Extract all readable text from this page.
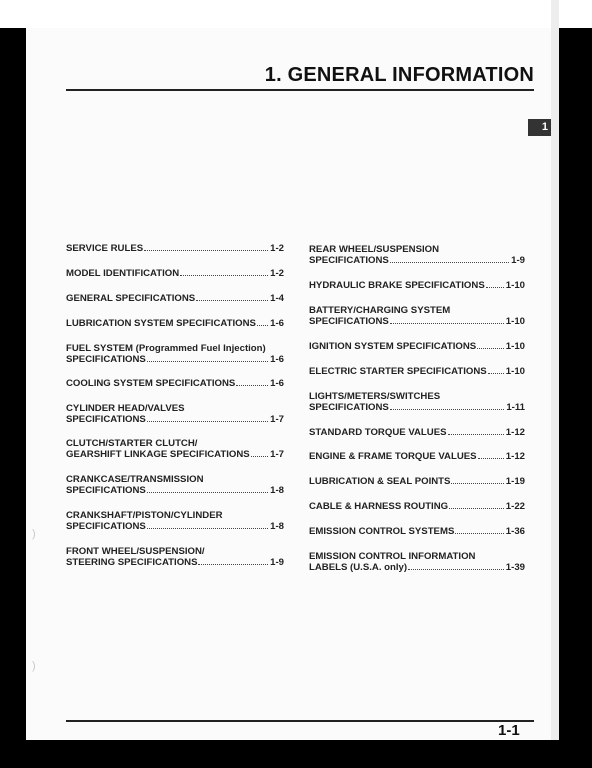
1. GENERAL INFORMATION
1
)
)
SERVICE RULES	1-2
MODEL IDENTIFICATION	1-2
GENERAL SPECIFICATIONS	1-4
LUBRICATION SYSTEM SPECIFICATIONS 1-6
FUEL SYSTEM (Programmed Fuel Injection)
SPECIFICATIONS	1-6
COOLING SYSTEM SPECIFICATIONS	1-6
CYLINDER HEAD/VALVES
SPECIFICATIONS	1-7
CLUTCH/STARTER CLUTCH/
GEARSHIFT LINKAGE SPECIFICATIONS 1-7
CRANKCASE/TRANSMISSION
SPECIFICATIONS	1-8
CRANKSHAFT/PISTON/CYLINDER
SPECIFICATIONS	1-8
FRONT WHEEL/SUSPENSION/
STEERING SPECIFICATIONS	1-9
REAR WHEEL/SUSPENSION
SPECIFICATIONS	1-9
HYDRAULIC BRAKE SPECIFICATIONS 1-10
BATTERY/CHARGING SYSTEM
SPECIFICATIONS	1-10
IGNITION SYSTEM SPECIFICATIONS	1-10
ELECTRIC STARTER SPECIFICATIONS 1-10
LIGHTS/METERS/SWITCHES
SPECIFICATIONS	1-11
STANDARD TORQUE VALUES	1-12
ENGINE & FRAME TORQUE VALUES	1-12
LUBRICATION & SEAL POINTS	1-19
CABLE & HARNESS ROUTING	1-22
EMISSION CONTROL SYSTEMS	1-36
EMISSION CONTROL INFORMATION
LABELS (U.S.A. only)	1-39
1-1
